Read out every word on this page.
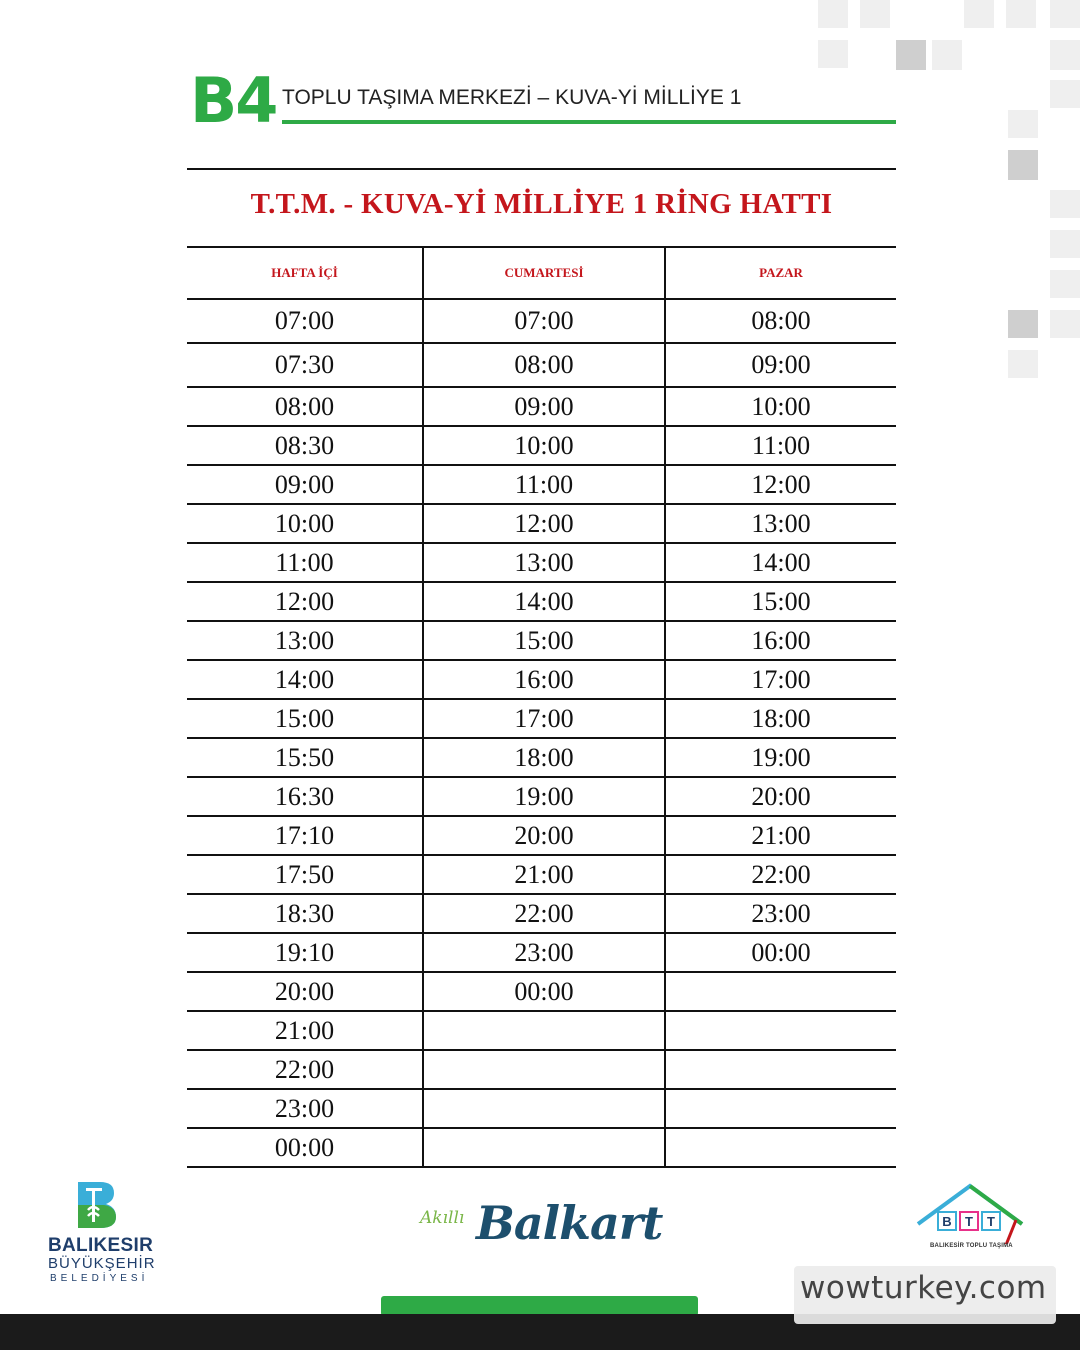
B4 TOPLU TAŞIMA MERKEZİ – KUVA-Yİ MİLLİYE 1
T.T.M. - KUVA-Yİ MİLLİYE 1 RİNG HATTI
HAFTA İÇİ	CUMARTESİ	PAZAR
07:00	07:00	08:00
07:30	08:00	09:00
08:00	09:00	10:00
08:30	10:00	11:00
09:00	11:00	12:00
10:00	12:00	13:00
11:00	13:00	14:00
12:00	14:00	15:00
13:00	15:00	16:00
14:00	16:00	17:00
15:00	17:00	18:00
15:50	18:00	19:00
16:30	19:00	20:00
17:10	20:00	21:00
17:50	21:00	22:00
18:30	22:00	23:00
19:10	23:00	00:00
20:00	00:00	
21:00		
22:00		
23:00		
00:00		
BALIKESIR
BÜYÜKŞEHİR
BELEDİYESİ
Akıllı Balkart	B T T
BALIKESİR TOPLU TAŞIMA
wowturkey.com
